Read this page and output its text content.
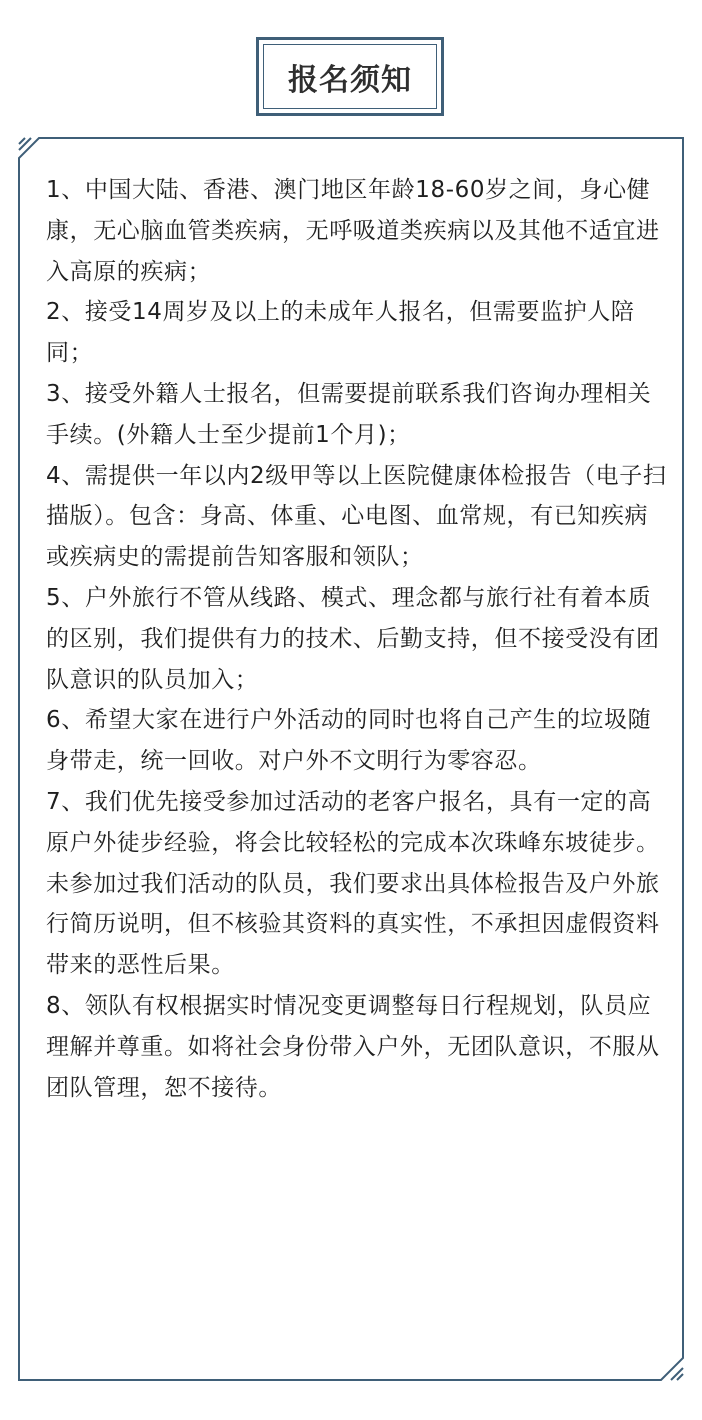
报名须知

1、中国大陆、香港、澳门地区年龄18-60岁之间，身心健康，无心脑血管类疾病，无呼吸道类疾病以及其他不适宜进入高原的疾病；

2、接受14周岁及以上的未成年人报名，但需要监护人陪同；

3、接受外籍人士报名，但需要提前联系我们咨询办理相关手续。(外籍人士至少提前1个月)；

4、需提供一年以内2级甲等以上医院健康体检报告（电子扫描版）。包含：身高、体重、心电图、血常规，有已知疾病或疾病史的需提前告知客服和领队；

5、户外旅行不管从线路、模式、理念都与旅行社有着本质的区别，我们提供有力的技术、后勤支持，但不接受没有团队意识的队员加入；

6、希望大家在进行户外活动的同时也将自己产生的垃圾随身带走，统一回收。对户外不文明行为零容忍。

7、我们优先接受参加过活动的老客户报名，具有一定的高原户外徒步经验，将会比较轻松的完成本次珠峰东坡徒步。未参加过我们活动的队员，我们要求出具体检报告及户外旅行简历说明，但不核验其资料的真实性，不承担因虚假资料带来的恶性后果。

8、领队有权根据实时情况变更调整每日行程规划，队员应理解并尊重。如将社会身份带入户外，无团队意识，不服从团队管理，恕不接待。
